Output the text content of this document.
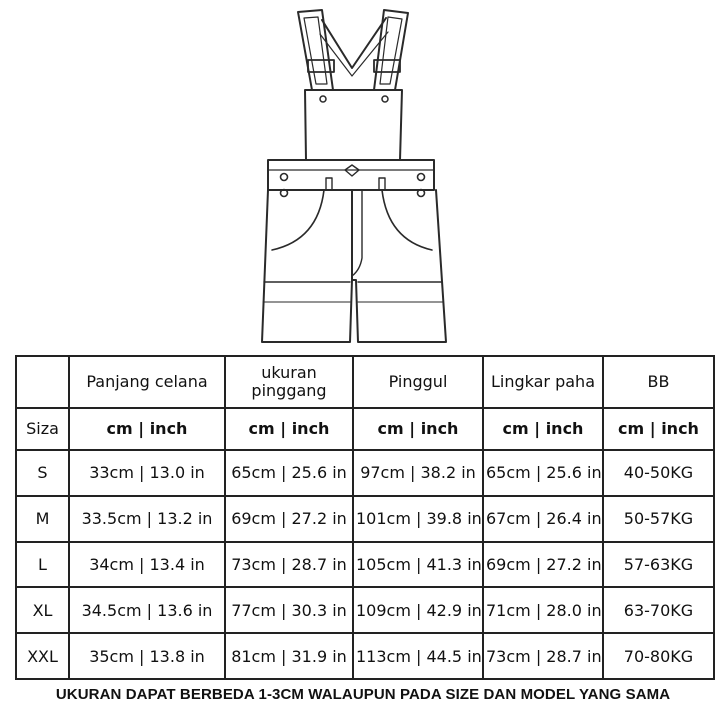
	Panjang celana	ukuran pinggang	Pinggul	Lingkar paha	BB
Siza	cm | inch	cm | inch	cm | inch	cm | inch	cm | inch
S	33cm | 13.0 in	65cm | 25.6 in	97cm | 38.2 in	65cm | 25.6 in	40-50KG
M	33.5cm | 13.2 in	69cm | 27.2 in	101cm | 39.8 in	67cm | 26.4 in	50-57KG
L	34cm | 13.4 in	73cm | 28.7 in	105cm | 41.3 in	69cm | 27.2 in	57-63KG
XL	34.5cm | 13.6 in	77cm | 30.3 in	109cm | 42.9 in	71cm | 28.0 in	63-70KG
XXL	35cm | 13.8 in	81cm | 31.9 in	113cm | 44.5 in	73cm | 28.7 in	70-80KG
UKURAN DAPAT BERBEDA 1-3CM WALAUPUN PADA SIZE DAN MODEL YANG SAMA
